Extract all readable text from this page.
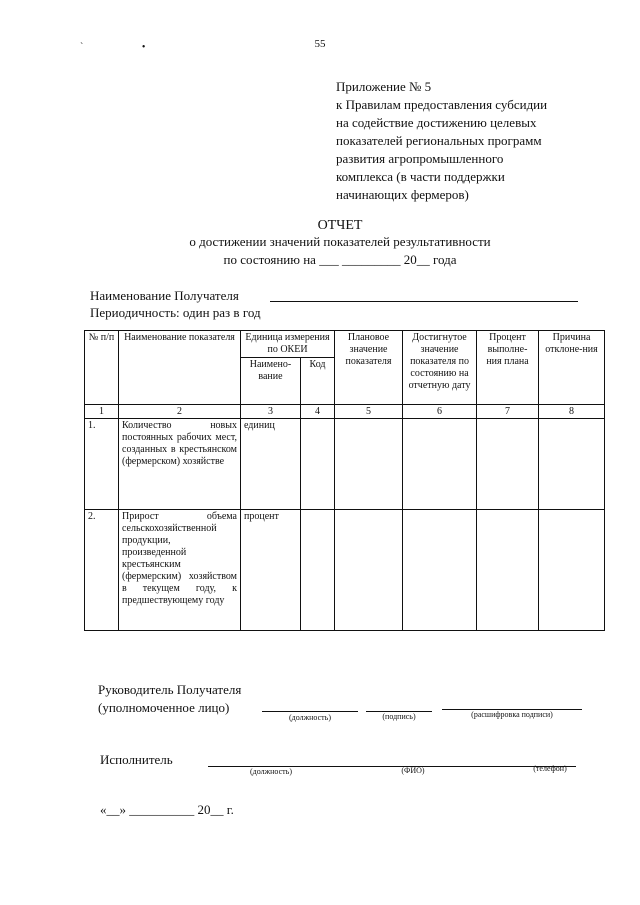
55
` •
Приложение № 5
к Правилам предоставления субсидии
на содействие достижению целевых
показателей региональных программ
развития агропромышленного
комплекса (в части поддержки
начинающих фермеров)
ОТЧЕТ
о достижении значений показателей результативности
по состоянию на ___ _________ 20__ года
Наименование Получателя
Периодичность: один раз в год
№ п/п	Наименование показателя	Единица измерения по ОКЕИ		Плановое значение показателя	Достигнутое значение показателя по состоянию на отчетную дату	Процент выполне-ния плана	Причина отклоне-ния
		Наимено-вание	Код				
1	2	3	4	5	6	7	8
1.	Количество новых постоянных рабочих мест, созданных в крестьянском (фермерском) хозяйстве	единиц					
2.	Прирост объема сельскохозяйственной продукции, произведенной крестьянским (фермерским) хозяйством в текущем году, к предшествующему году	процент					
Руководитель Получателя
(уполномоченное лицо)
(должность)	(подпись)	(расшифровка подписи)
Исполнитель
(должность)	(ФИО)	(телефон)
«__» __________ 20__ г.
